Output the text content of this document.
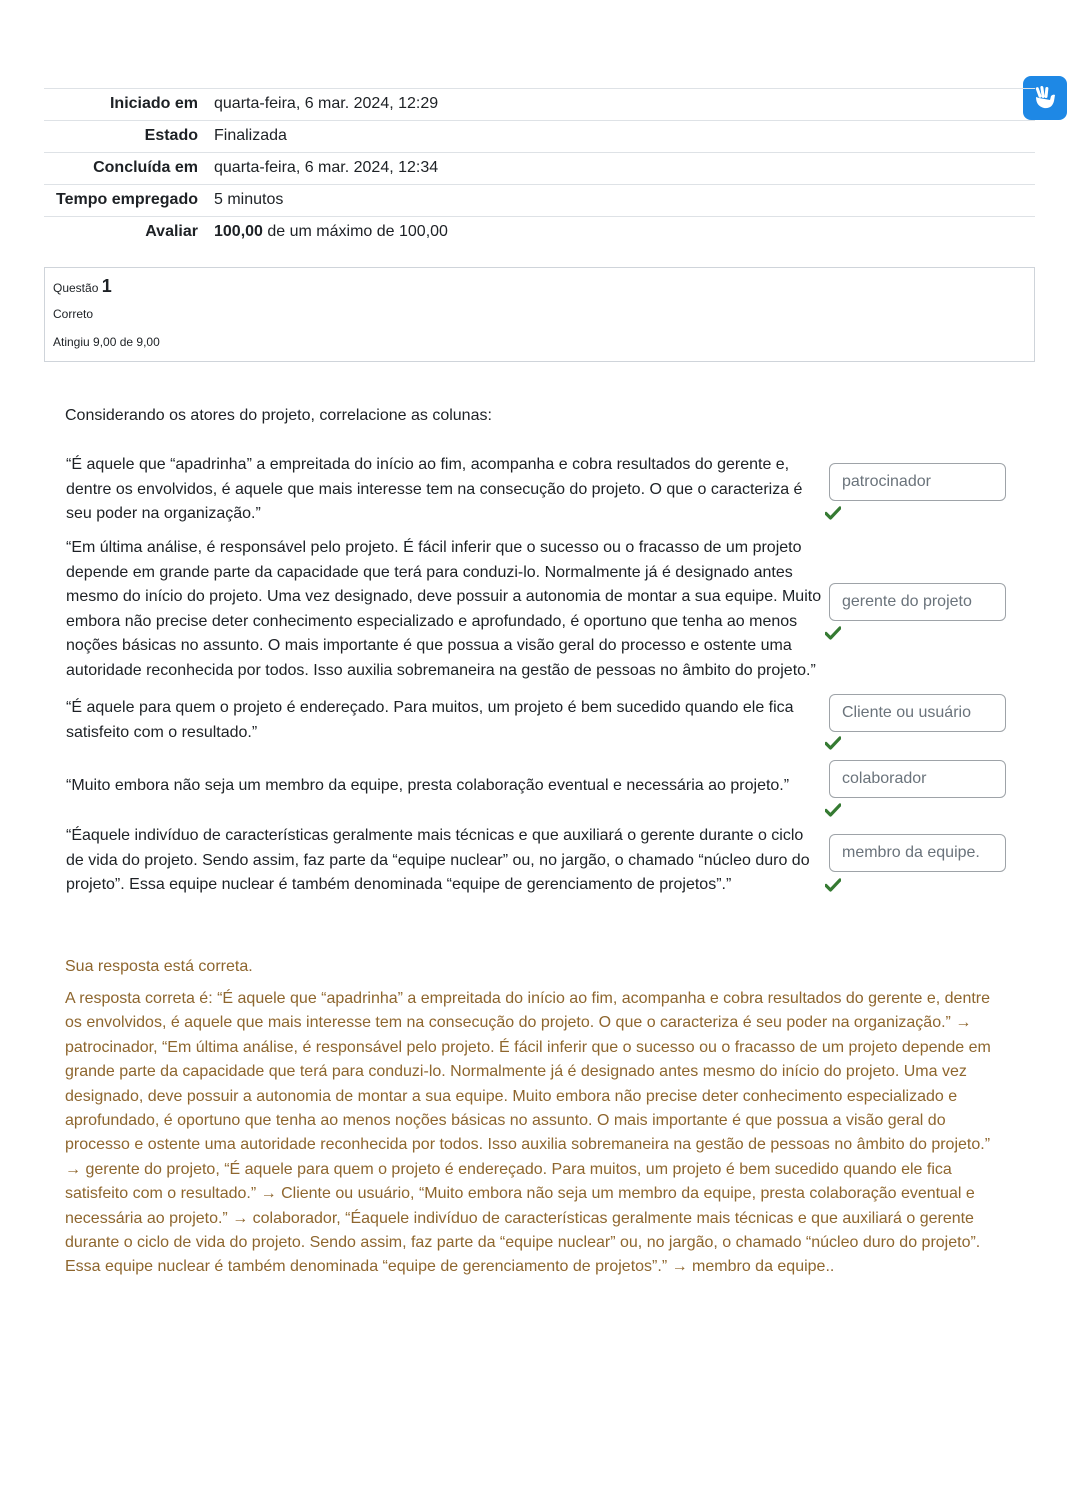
Iniciado em	quarta-feira, 6 mar. 2024, 12:29
Estado	Finalizada
Concluída em	quarta-feira, 6 mar. 2024, 12:34
Tempo empregado	5 minutos
Avaliar	100,00 de um máximo de 100,00
Questão 1
Correto
Atingiu 9,00 de 9,00
Considerando os atores do projeto, correlacione as colunas:
“É aquele que “apadrinha” a empreitada do início ao fim, acompanha e cobra resultados do gerente e, dentre os envolvidos, é aquele que mais interesse tem na consecução do projeto. O que o caracteriza é seu poder na organização.”
patrocinador
“Em última análise, é responsável pelo projeto. É fácil inferir que o sucesso ou o fracasso de um projeto depende em grande parte da capacidade que terá para conduzi-lo. Normalmente já é designado antes mesmo do início do projeto. Uma vez designado, deve possuir a autonomia de montar a sua equipe. Muito embora não precise deter conhecimento especializado e aprofundado, é oportuno que tenha ao menos noções básicas no assunto. O mais importante é que possua a visão geral do processo e ostente uma autoridade reconhecida por todos. Isso auxilia sobremaneira na gestão de pessoas no âmbito do projeto.”
gerente do projeto
“É aquele para quem o projeto é endereçado. Para muitos, um projeto é bem sucedido quando ele fica satisfeito com o resultado.”
Cliente ou usuário
“Muito embora não seja um membro da equipe, presta colaboração eventual e necessária ao projeto.”	colaborador
“Éaquele indivíduo de características geralmente mais técnicas e que auxiliará o gerente durante o ciclo de vida do projeto. Sendo assim, faz parte da “equipe nuclear” ou, no jargão, o chamado “núcleo duro do projeto”. Essa equipe nuclear é também denominada “equipe de gerenciamento de projetos”.”
membro da equipe.
Sua resposta está correta.
A resposta correta é: “É aquele que “apadrinha” a empreitada do início ao fim, acompanha e cobra resultados do gerente e, dentre os envolvidos, é aquele que mais interesse tem na consecução do projeto. O que o caracteriza é seu poder na organização.” → patrocinador, “Em última análise, é responsável pelo projeto. É fácil inferir que o sucesso ou o fracasso de um projeto depende em grande parte da capacidade que terá para conduzi-lo. Normalmente já é designado antes mesmo do início do projeto. Uma vez designado, deve possuir a autonomia de montar a sua equipe. Muito embora não precise deter conhecimento especializado e aprofundado, é oportuno que tenha ao menos noções básicas no assunto. O mais importante é que possua a visão geral do processo e ostente uma autoridade reconhecida por todos. Isso auxilia sobremaneira na gestão de pessoas no âmbito do projeto.” → gerente do projeto, “É aquele para quem o projeto é endereçado. Para muitos, um projeto é bem sucedido quando ele fica satisfeito com o resultado.” → Cliente ou usuário, “Muito embora não seja um membro da equipe, presta colaboração eventual e necessária ao projeto.” → colaborador, “Éaquele indivíduo de características geralmente mais técnicas e que auxiliará o gerente durante o ciclo de vida do projeto. Sendo assim, faz parte da “equipe nuclear” ou, no jargão, o chamado “núcleo duro do projeto”. Essa equipe nuclear é também denominada “equipe de gerenciamento de projetos”.” → membro da equipe..
